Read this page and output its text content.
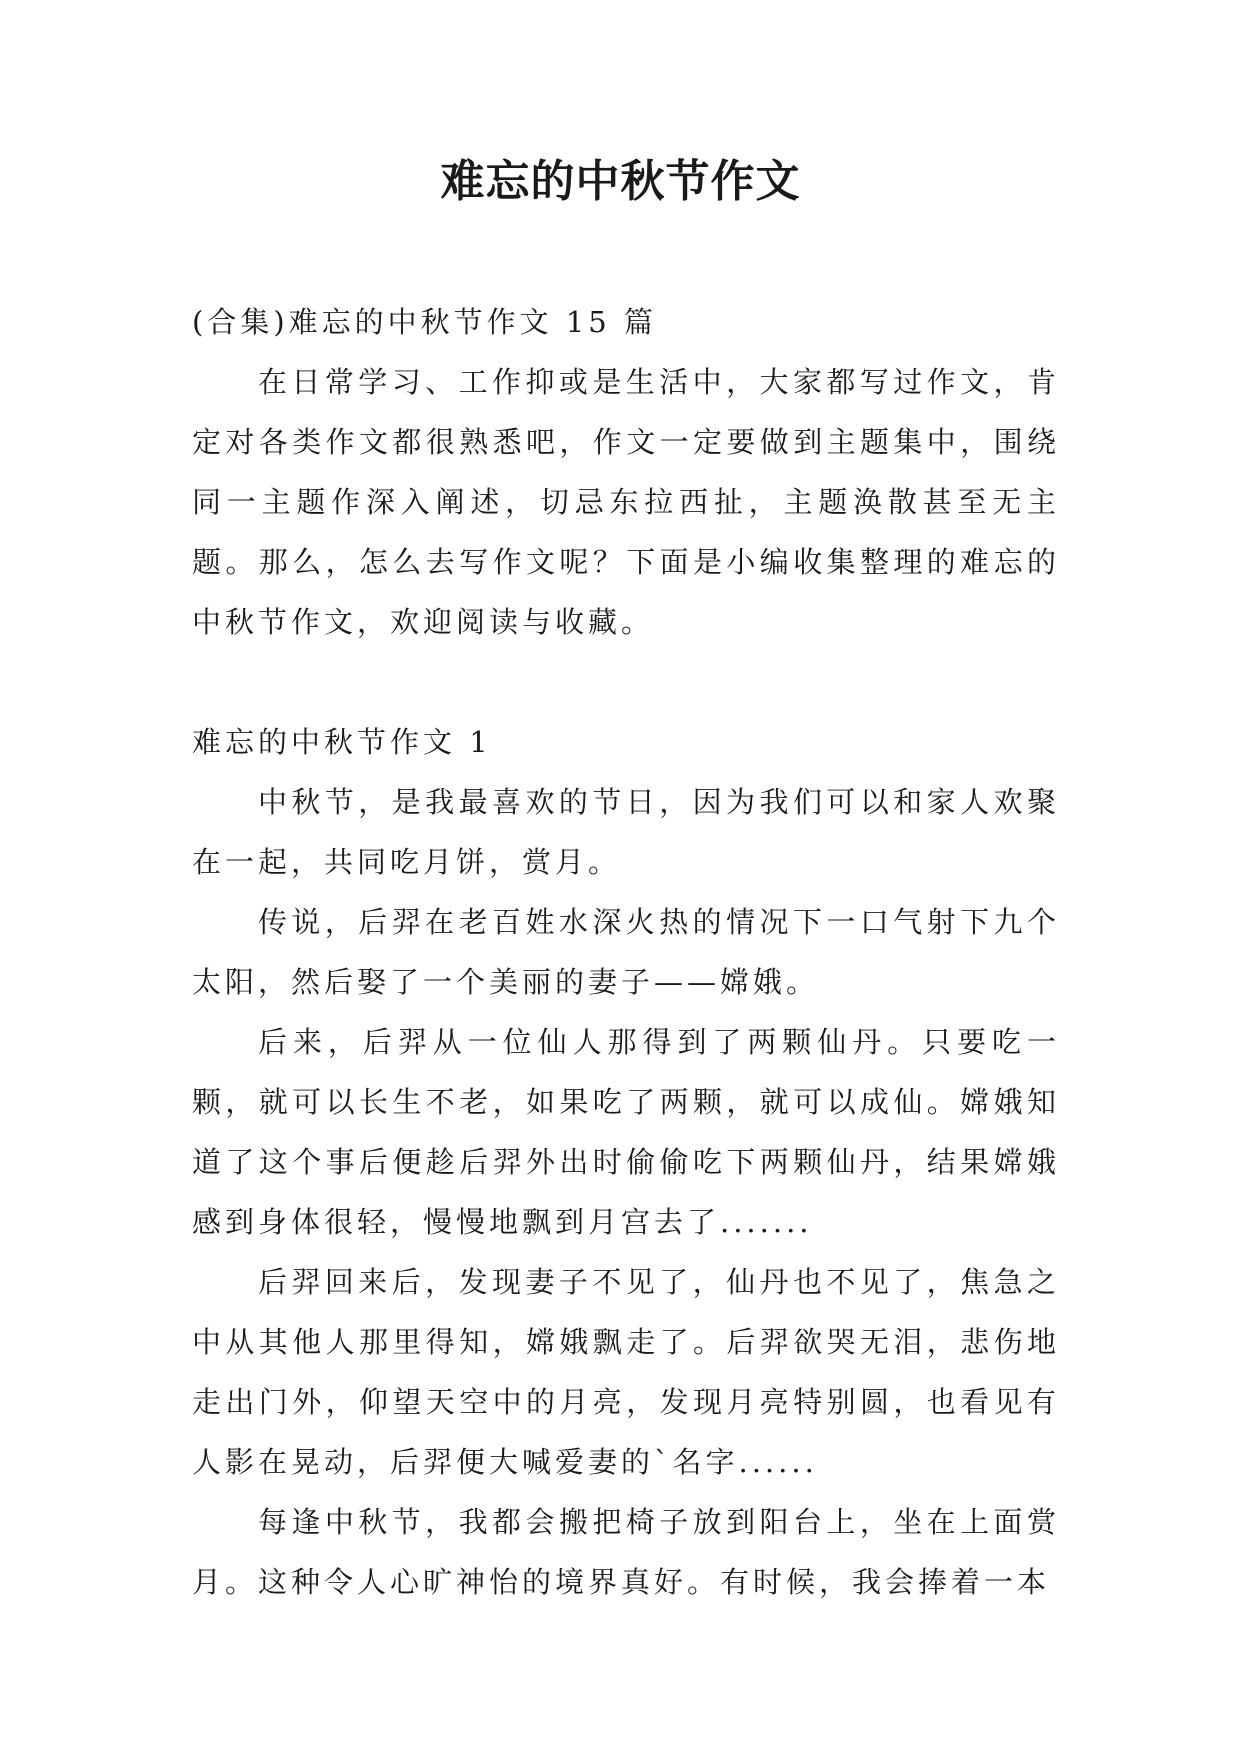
难忘的中秋节作文

(合集)难忘的中秋节作文 15 篇

在日常学习、工作抑或是生活中，大家都写过作文，肯定对各类作文都很熟悉吧，作文一定要做到主题集中，围绕同一主题作深入阐述，切忌东拉西扯，主题涣散甚至无主题。那么，怎么去写作文呢？下面是小编收集整理的难忘的中秋节作文，欢迎阅读与收藏。

难忘的中秋节作文 1

中秋节，是我最喜欢的节日，因为我们可以和家人欢聚在一起，共同吃月饼，赏月。

传说，后羿在老百姓水深火热的情况下一口气射下九个太阳，然后娶了一个美丽的妻子——嫦娥。

后来，后羿从一位仙人那得到了两颗仙丹。只要吃一颗，就可以长生不老，如果吃了两颗，就可以成仙。嫦娥知道了这个事后便趁后羿外出时偷偷吃下两颗仙丹，结果嫦娥感到身体很轻，慢慢地飘到月宫去了.......

后羿回来后，发现妻子不见了，仙丹也不见了，焦急之中从其他人那里得知，嫦娥飘走了。后羿欲哭无泪，悲伤地走出门外，仰望天空中的月亮，发现月亮特别圆，也看见有人影在晃动，后羿便大喊爱妻的`名字......

每逢中秋节，我都会搬把椅子放到阳台上，坐在上面赏月。这种令人心旷神怡的境界真好。有时候，我会捧着一本
